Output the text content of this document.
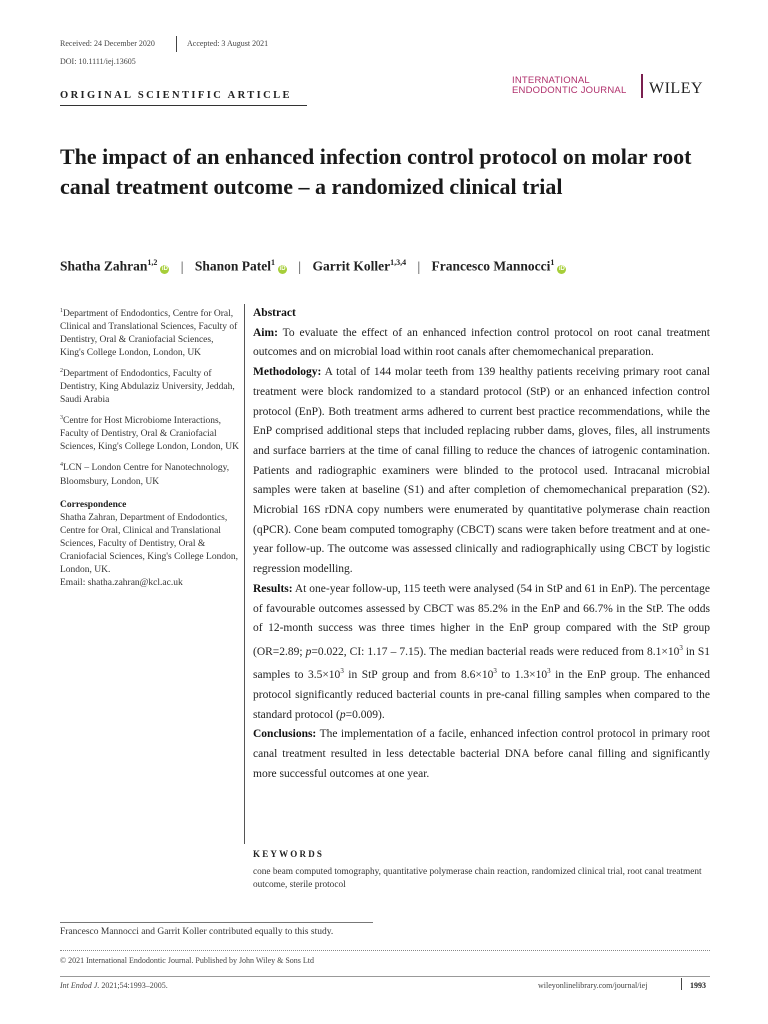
Received: 24 December 2020	Accepted: 3 August 2021
DOI: 10.1111/iej.13605
INTERNATIONAL
ENDODONTIC JOURNAL WILEY
ORIGINAL SCIENTIFIC ARTICLE
The impact of an enhanced infection control protocol on molar root canal treatment outcome – a randomized clinical trial
Shatha Zahran$^{1,2}$iD | Shanon Patel$^1$iD | Garrit Koller$^{1,3,4}$ | Francesco Mannocci$^1$iD

$^1$Department of Endodontics, Centre for Oral, Clinical and Translational Sciences, Faculty of Dentistry, Oral & Craniofacial Sciences, King's College London, London, UK

$^2$Department of Endodontics, Faculty of Dentistry, King Abdulaziz University, Jeddah, Saudi Arabia

$^3$Centre for Host Microbiome Interactions, Faculty of Dentistry, Oral & Craniofacial Sciences, King's College London, London, UK

$^4$LCN – London Centre for Nanotechnology, Bloomsbury, London, UK

Correspondence
Shatha Zahran, Department of Endodontics, Centre for Oral, Clinical and Translational Sciences, Faculty of Dentistry, Oral & Craniofacial Sciences, King's College London, London, UK.
Email: shatha.zahran@kcl.ac.uk

Abstract

Aim: To evaluate the effect of an enhanced infection control protocol on root canal treatment outcomes and on microbial load within root canals after chemomechanical preparation.

Methodology: A total of 144 molar teeth from 139 healthy patients receiving primary root canal treatment were block randomized to a standard protocol (StP) or an enhanced infection control protocol (EnP). Both treatment arms adhered to current best practice recommendations, while the EnP comprised additional steps that included replacing rubber dams, gloves, files, all instruments and surface barriers at the time of canal filling to reduce the chances of iatrogenic contamination. Patients and radiographic examiners were blinded to the protocol used. Intracanal microbial samples were taken at baseline (S1) and after completion of chemomechanical preparation (S2). Microbial 16S rDNA copy numbers were enumerated by quantitative polymerase chain reaction (qPCR). Cone beam computed tomography (CBCT) scans were taken before treatment and at one-year follow-up. The outcome was assessed clinically and radiographically using CBCT by logistic regression modelling.

Results: At one-year follow-up, 115 teeth were analysed (54 in StP and 61 in EnP). The percentage of favourable outcomes assessed by CBCT was 85.2% in the EnP and 66.7% in the StP. The odds of 12-month success was three times higher in the EnP group compared with the StP group (OR=2.89; p=0.022, CI: 1.17 – 7.15). The median bacterial reads were reduced from $8.1\times 10^3$ in S1 samples to $3.5\times 10^3$ in StP group and from $8.6\times 10^3$ to $1.3\times 10^3$ in the EnP group. The enhanced protocol significantly reduced bacterial counts in pre-canal filling samples when compared to the standard protocol (p=0.009).

Conclusions: The implementation of a facile, enhanced infection control protocol in primary root canal treatment resulted in less detectable bacterial DNA before canal filling and significantly more successful outcomes at one year.

KEYWORDS
cone beam computed tomography, quantitative polymerase chain reaction, randomized clinical trial, root canal treatment outcome, sterile protocol
Francesco Mannocci and Garrit Koller contributed equally to this study.
© 2021 International Endodontic Journal. Published by John Wiley & Sons Ltd
Int Endod J. 2021;54:1993–2005.	wileyonlinelibrary.com/journal/iej	1993
